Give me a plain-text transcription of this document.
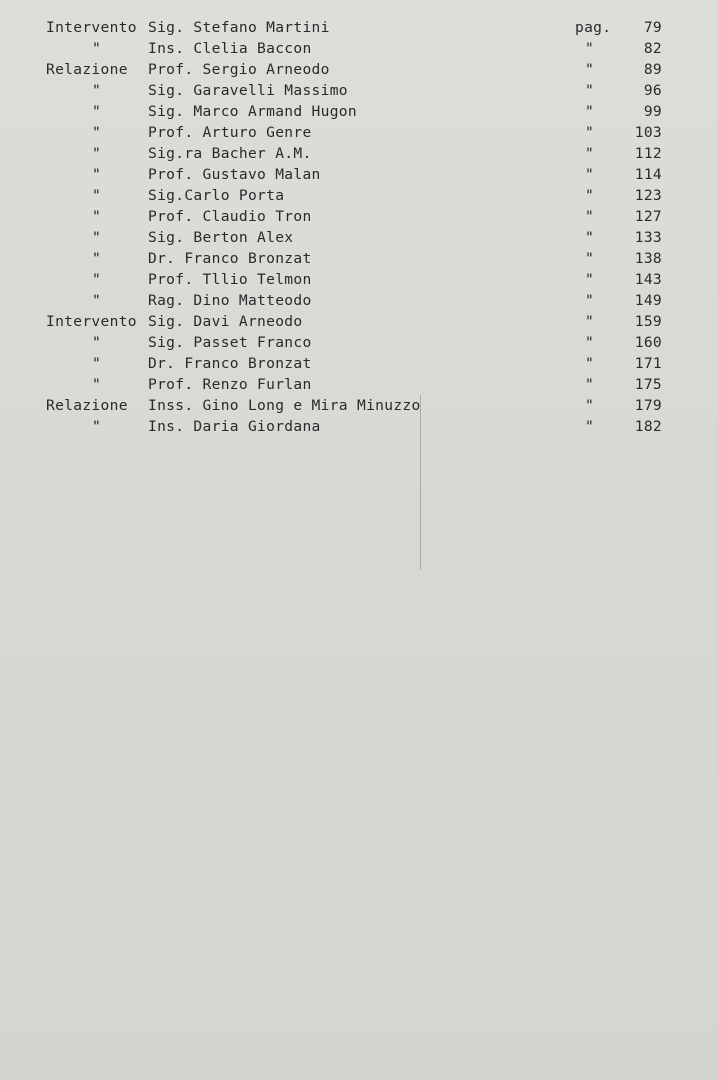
Intervento Sig. Stefano Martini	pag. 79
"	Ins. Clelia Baccon	"	82
Relazione Prof. Sergio Arneodo	"	89
"	Sig. Garavelli Massimo	"	96
"	Sig. Marco Armand Hugon	"	99
"	Prof. Arturo Genre	"	103
"	Sig.ra Bacher A.M.	"	112
"	Prof. Gustavo Malan	"	114
"	Sig.Carlo Porta	"	123
"	Prof. Claudio Tron	"	127
"	Sig. Berton Alex	"	133
"	Dr. Franco Bronzat	"	138
"	Prof. Tllio Telmon	"	143
"	Rag. Dino Matteodo	"	149
Intervento Sig. Davi Arneodo	"	159
"	Sig. Passet Franco	"	160
"	Dr. Franco Bronzat	"	171
"	Prof. Renzo Furlan	"	175
Relazione Inss. Gino Long e Mira Minuzzo	"	179
"	Ins. Daria Giordana	"	182
